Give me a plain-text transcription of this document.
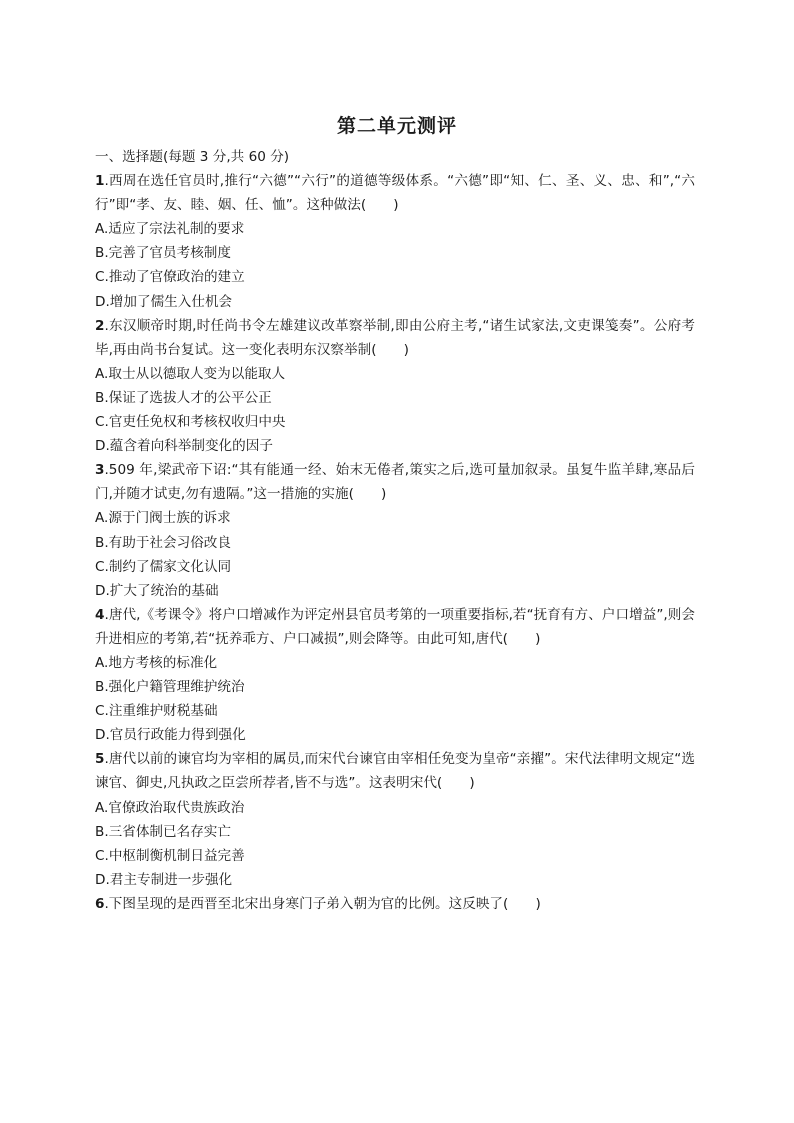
第二单元测评

一、选择题(每题 3 分,共 60 分)

1.西周在选任官员时,推行“六德”“六行”的道德等级体系。“六德”即“知、仁、圣、义、忠、和”,“六行”即“孝、友、睦、姻、任、恤”。这种做法(　　)

A.适应了宗法礼制的要求

B.完善了官员考核制度

C.推动了官僚政治的建立

D.增加了儒生入仕机会

2.东汉顺帝时期,时任尚书令左雄建议改革察举制,即由公府主考,“诸生试家法,文吏课笺奏”。公府考毕,再由尚书台复试。这一变化表明东汉察举制(　　)

A.取士从以德取人变为以能取人

B.保证了选拔人才的公平公正

C.官吏任免权和考核权收归中央

D.蕴含着向科举制变化的因子

3.509 年,梁武帝下诏:“其有能通一经、始末无倦者,策实之后,选可量加叙录。虽复牛监羊肆,寒品后门,并随才试吏,勿有遗隔。”这一措施的实施(　　)

A.源于门阀士族的诉求

B.有助于社会习俗改良

C.制约了儒家文化认同

D.扩大了统治的基础

4.唐代,《考课令》将户口增减作为评定州县官员考第的一项重要指标,若“抚育有方、户口增益”,则会升进相应的考第,若“抚养乖方、户口减损”,则会降等。由此可知,唐代(　　)

A.地方考核的标准化

B.强化户籍管理维护统治

C.注重维护财税基础

D.官员行政能力得到强化

5.唐代以前的谏官均为宰相的属员,而宋代台谏官由宰相任免变为皇帝“亲擢”。宋代法律明文规定“选谏官、御史,凡执政之臣尝所荐者,皆不与选”。这表明宋代(　　)

A.官僚政治取代贵族政治

B.三省体制已名存实亡

C.中枢制衡机制日益完善

D.君主专制进一步强化

6.下图呈现的是西晋至北宋出身寒门子弟入朝为官的比例。这反映了(　　)
